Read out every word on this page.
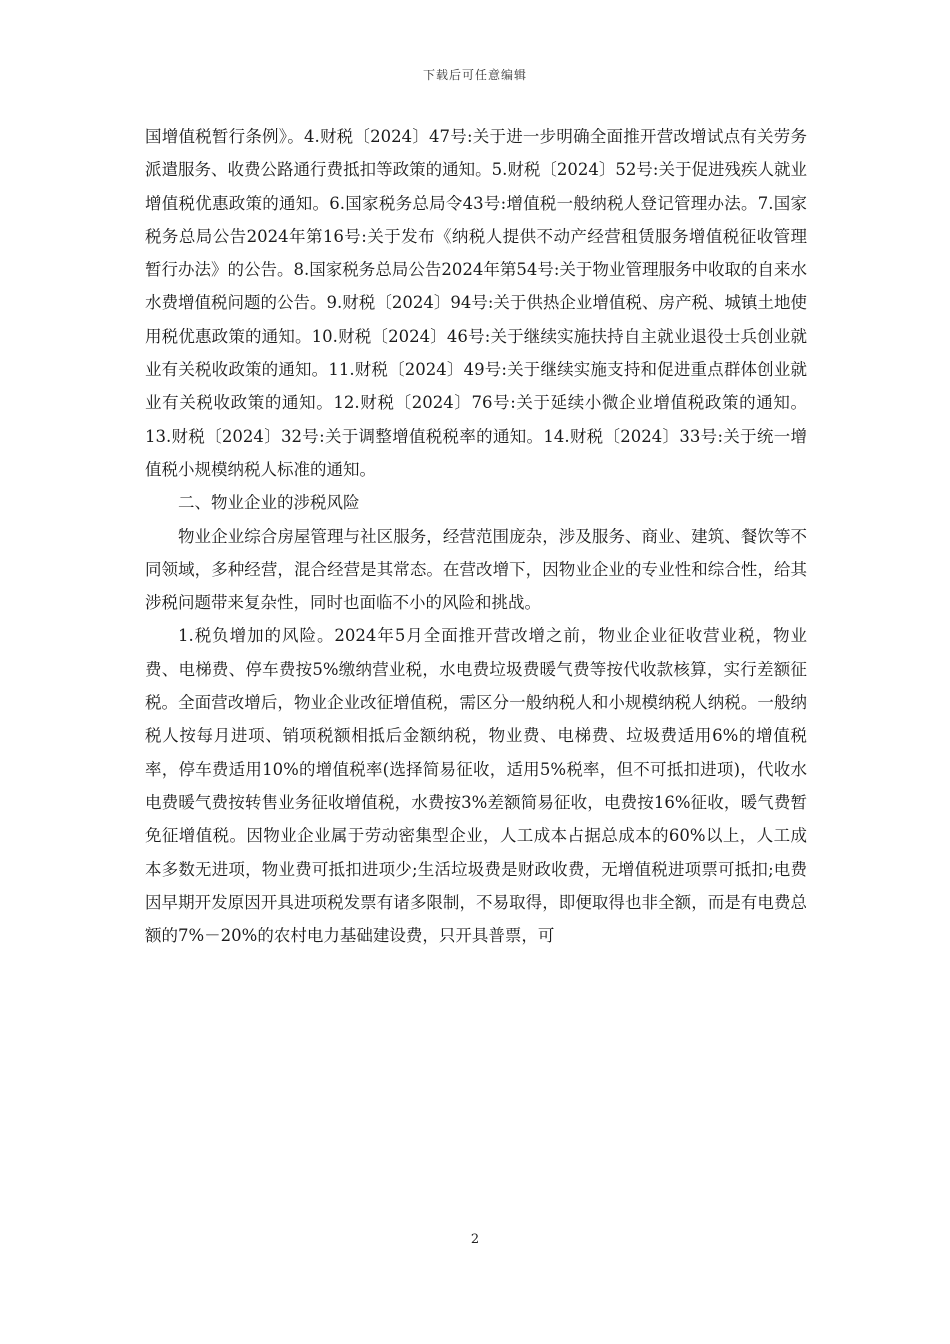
下载后可任意编辑

国增值税暂行条例》。4.财税〔2024〕47号:关于进一步明确全面推开营改增试点有关劳务派遣服务、收费公路通行费抵扣等政策的通知。5.财税〔2024〕52号:关于促进残疾人就业增值税优惠政策的通知。6.国家税务总局令43号:增值税一般纳税人登记管理办法。7.国家税务总局公告2024年第16号:关于发布《纳税人提供不动产经营租赁服务增值税征收管理暂行办法》的公告。8.国家税务总局公告2024年第54号:关于物业管理服务中收取的自来水水费增值税问题的公告。9.财税〔2024〕94号:关于供热企业增值税、房产税、城镇土地使用税优惠政策的通知。10.财税〔2024〕46号:关于继续实施扶持自主就业退役士兵创业就业有关税收政策的通知。11.财税〔2024〕49号:关于继续实施支持和促进重点群体创业就业有关税收政策的通知。12.财税〔2024〕76号:关于延续小微企业增值税政策的通知。13.财税〔2024〕32号:关于调整增值税税率的通知。14.财税〔2024〕33号:关于统一增值税小规模纳税人标准的通知。

二、物业企业的涉税风险

物业企业综合房屋管理与社区服务，经营范围庞杂，涉及服务、商业、建筑、餐饮等不同领域，多种经营，混合经营是其常态。在营改增下，因物业企业的专业性和综合性，给其涉税问题带来复杂性，同时也面临不小的风险和挑战。

1.税负增加的风险。2024年5月全面推开营改增之前，物业企业征收营业税，物业费、电梯费、停车费按5%缴纳营业税，水电费垃圾费暖气费等按代收款核算，实行差额征税。全面营改增后，物业企业改征增值税，需区分一般纳税人和小规模纳税人纳税。一般纳税人按每月进项、销项税额相抵后金额纳税，物业费、电梯费、垃圾费适用6%的增值税率，停车费适用10%的增值税率(选择简易征收，适用5%税率，但不可抵扣进项)，代收水电费暖气费按转售业务征收增值税，水费按3%差额简易征收，电费按16%征收，暖气费暂免征增值税。因物业企业属于劳动密集型企业，人工成本占据总成本的60%以上，人工成本多数无进项，物业费可抵扣进项少;生活垃圾费是财政收费，无增值税进项票可抵扣;电费因早期开发原因开具进项税发票有诸多限制，不易取得，即便取得也非全额，而是有电费总额的7%－20%的农村电力基础建设费，只开具普票，可

2
